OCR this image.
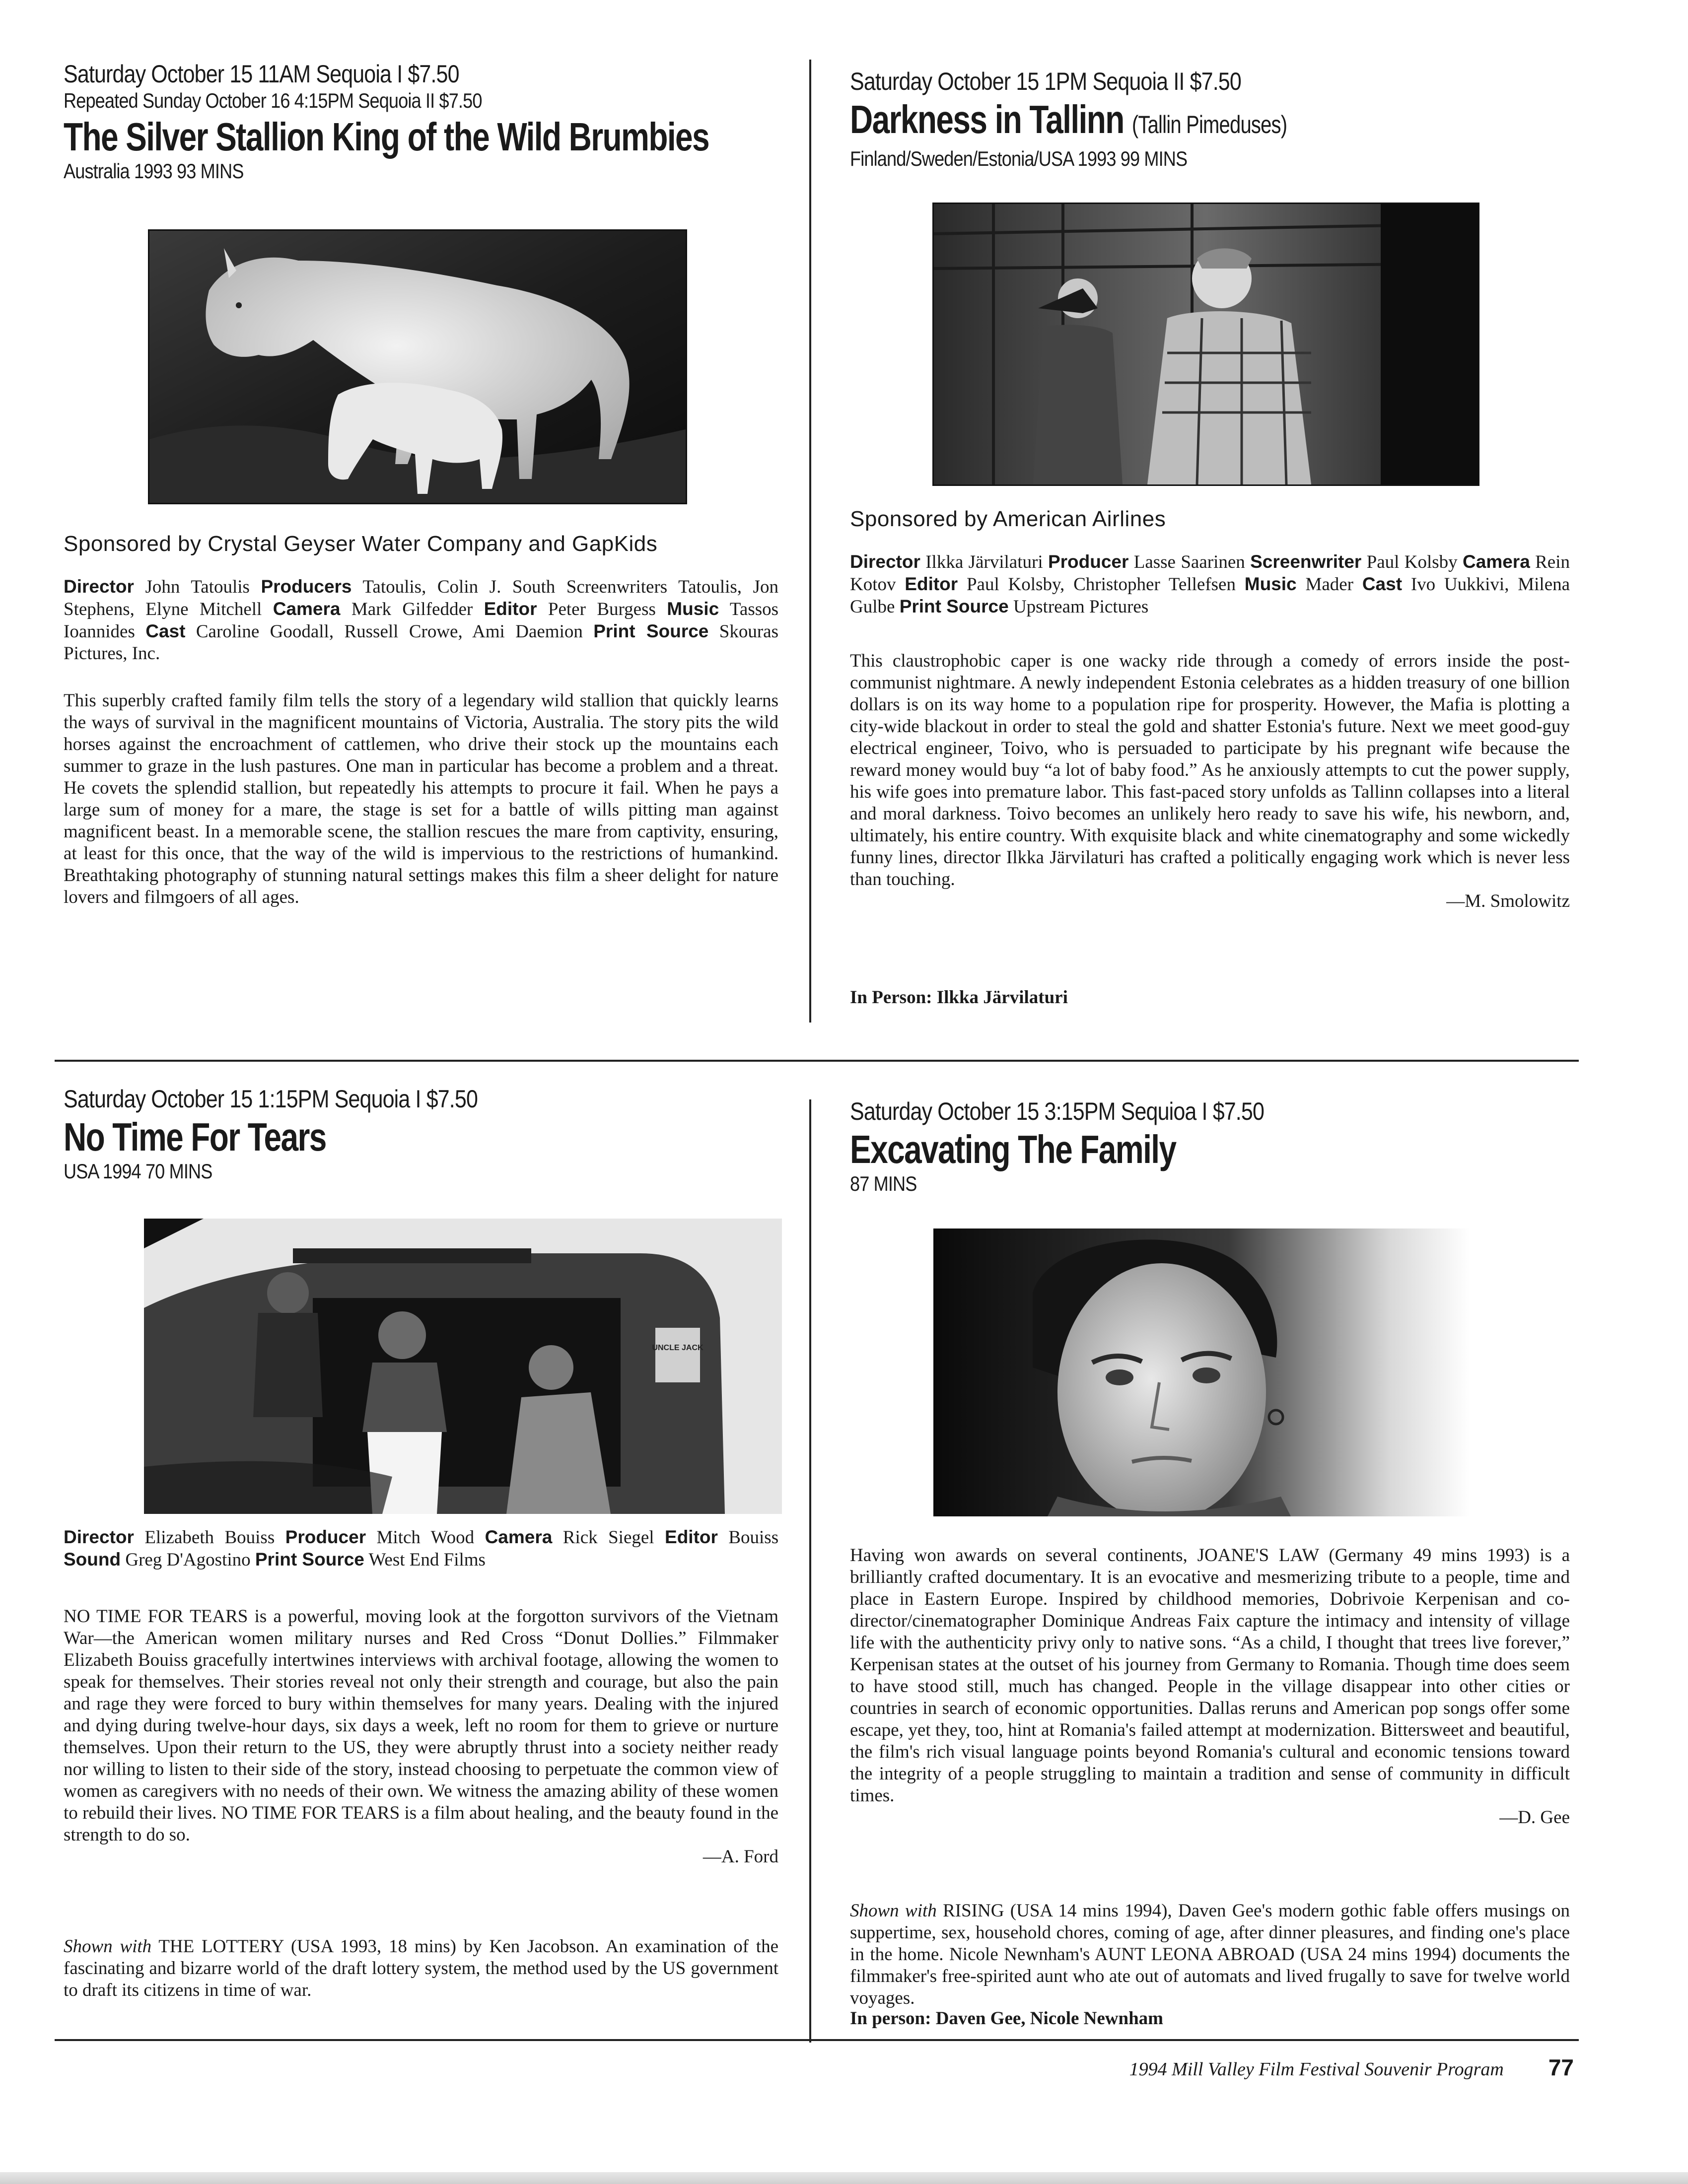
Saturday October 15 11AM Sequoia I $7.50
Repeated Sunday October 16 4:15PM Sequoia II $7.50
The Silver Stallion King of the Wild Brumbies
Australia 1993 93 MINS
Sponsored by Crystal Geyser Water Company and GapKids
Director John Tatoulis Producers Tatoulis, Colin J. South Screenwriters Tatoulis, Jon Stephens, Elyne Mitchell Camera Mark Gilfedder Editor Peter Burgess Music Tassos Ioannides Cast Caroline Goodall, Russell Crowe, Ami Daemion Print Source Skouras Pictures, Inc.
This superbly crafted family film tells the story of a legendary wild stallion that quickly learns the ways of survival in the magnificent mountains of Victoria, Australia. The story pits the wild horses against the encroachment of cattlemen, who drive their stock up the mountains each summer to graze in the lush pastures. One man in particular has become a problem and a threat. He covets the splendid stallion, but repeatedly his attempts to procure it fail. When he pays a large sum of money for a mare, the stage is set for a battle of wills pitting man against magnificent beast. In a memorable scene, the stallion rescues the mare from captivity, ensuring, at least for this once, that the way of the wild is impervious to the restrictions of humankind. Breathtaking photography of stunning natural settings makes this film a sheer delight for nature lovers and filmgoers of all ages.
Saturday October 15 1PM Sequoia II $7.50
Darkness in Tallinn (Tallin Pimeduses)
Finland/Sweden/Estonia/USA 1993 99 MINS
Sponsored by American Airlines
Director Ilkka Järvilaturi Producer Lasse Saarinen Screenwriter Paul Kolsby Camera Rein Kotov Editor Paul Kolsby, Christopher Tellefsen Music Mader Cast Ivo Uukkivi, Milena Gulbe Print Source Upstream Pictures
This claustrophobic caper is one wacky ride through a comedy of errors inside the post-communist nightmare. A newly independent Estonia celebrates as a hidden treasury of one billion dollars is on its way home to a population ripe for prosperity. However, the Mafia is plotting a city-wide blackout in order to steal the gold and shatter Estonia's future. Next we meet good-guy electrical engineer, Toivo, who is persuaded to participate by his pregnant wife because the reward money would buy “a lot of baby food.” As he anxiously attempts to cut the power supply, his wife goes into premature labor. This fast-paced story unfolds as Tallinn collapses into a literal and moral darkness. Toivo becomes an unlikely hero ready to save his wife, his newborn, and, ultimately, his entire country. With exquisite black and white cinematography and some wickedly funny lines, director Ilkka Järvilaturi has crafted a politically engaging work which is never less than touching.
—M. Smolowitz
In Person: Ilkka Järvilaturi
Saturday October 15 1:15PM Sequoia I $7.50
No Time For Tears
USA 1994 70 MINS
UNCLE JACK
Director Elizabeth Bouiss Producer Mitch Wood Camera Rick Siegel Editor Bouiss Sound Greg D'Agostino Print Source West End Films
NO TIME FOR TEARS is a powerful, moving look at the forgotton survivors of the Vietnam War—the American women military nurses and Red Cross “Donut Dollies.” Filmmaker Elizabeth Bouiss gracefully intertwines interviews with archival footage, allowing the women to speak for themselves. Their stories reveal not only their strength and courage, but also the pain and rage they were forced to bury within themselves for many years. Dealing with the injured and dying during twelve-hour days, six days a week, left no room for them to grieve or nurture themselves. Upon their return to the US, they were abruptly thrust into a society neither ready nor willing to listen to their side of the story, instead choosing to perpetuate the common view of women as caregivers with no needs of their own. We witness the amazing ability of these women to rebuild their lives. NO TIME FOR TEARS is a film about healing, and the beauty found in the strength to do so.
—A. Ford
Shown with THE LOTTERY (USA 1993, 18 mins) by Ken Jacobson. An examination of the fascinating and bizarre world of the draft lottery system, the method used by the US government to draft its citizens in time of war.
Saturday October 15 3:15PM Sequioa I $7.50
Excavating The Family
87 MINS
Having won awards on several continents, JOANE'S LAW (Germany 49 mins 1993) is a brilliantly crafted documentary. It is an evocative and mesmerizing tribute to a people, time and place in Eastern Europe. Inspired by childhood memories, Dobrivoie Kerpenisan and co-director/cinematographer Dominique Andreas Faix capture the intimacy and intensity of village life with the authenticity privy only to native sons. “As a child, I thought that trees live forever,” Kerpenisan states at the outset of his journey from Germany to Romania. Though time does seem to have stood still, much has changed. People in the village disappear into other cities or countries in search of economic opportunities. Dallas reruns and American pop songs offer some escape, yet they, too, hint at Romania's failed attempt at modernization. Bittersweet and beautiful, the film's rich visual language points beyond Romania's cultural and economic tensions toward the integrity of a people struggling to maintain a tradition and sense of community in difficult times.
—D. Gee
Shown with RISING (USA 14 mins 1994), Daven Gee's modern gothic fable offers musings on suppertime, sex, household chores, coming of age, after dinner pleasures, and finding one's place in the home. Nicole Newnham's AUNT LEONA ABROAD (USA 24 mins 1994) documents the filmmaker's free-spirited aunt who ate out of automats and lived frugally to save for twelve world voyages.
In person: Daven Gee, Nicole Newnham
1994 Mill Valley Film Festival Souvenir Program 77
